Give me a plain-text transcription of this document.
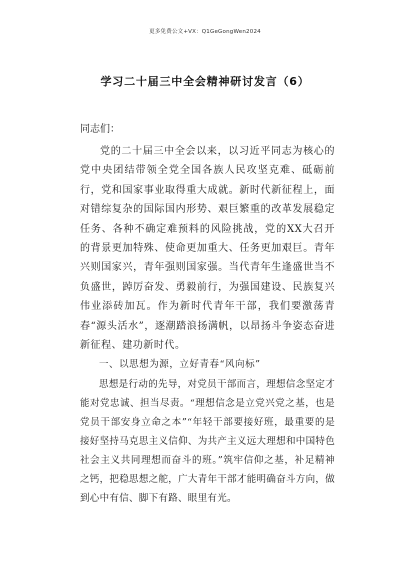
更多免费公文+VX：Q1GeGongWen2024
学习二十届三中全会精神研讨发言（6）

同志们：

党的二十届三中全会以来，以习近平同志为核心的党中央团结带领全党全国各族人民攻坚克难、砥砺前行，党和国家事业取得重大成就。新时代新征程上，面对错综复杂的国际国内形势、艰巨繁重的改革发展稳定任务、各种不确定难预料的风险挑战，党的XX大召开的背景更加特殊、使命更加重大、任务更加艰巨。青年兴则国家兴，青年强则国家强。当代青年生逢盛世当不负盛世，踔厉奋发、勇毅前行，为强国建设、民族复兴伟业添砖加瓦。作为新时代青年干部，我们要激荡青春“源头活水”，逐潮踏浪扬满帆，以昂扬斗争姿态奋进新征程、建功新时代。

一、以思想为源，立好青春“风向标”

思想是行动的先导，对党员干部而言，理想信念坚定才能对党忠诚、担当尽责。“理想信念是立党兴党之基，也是党员干部安身立命之本”“年轻干部要接好班，最重要的是接好坚持马克思主义信仰、为共产主义远大理想和中国特色社会主义共同理想而奋斗的班。”筑牢信仰之基，补足精神之钙，把稳思想之舵，广大青年干部才能明确奋斗方向，做到心中有信、脚下有路、眼里有光。
